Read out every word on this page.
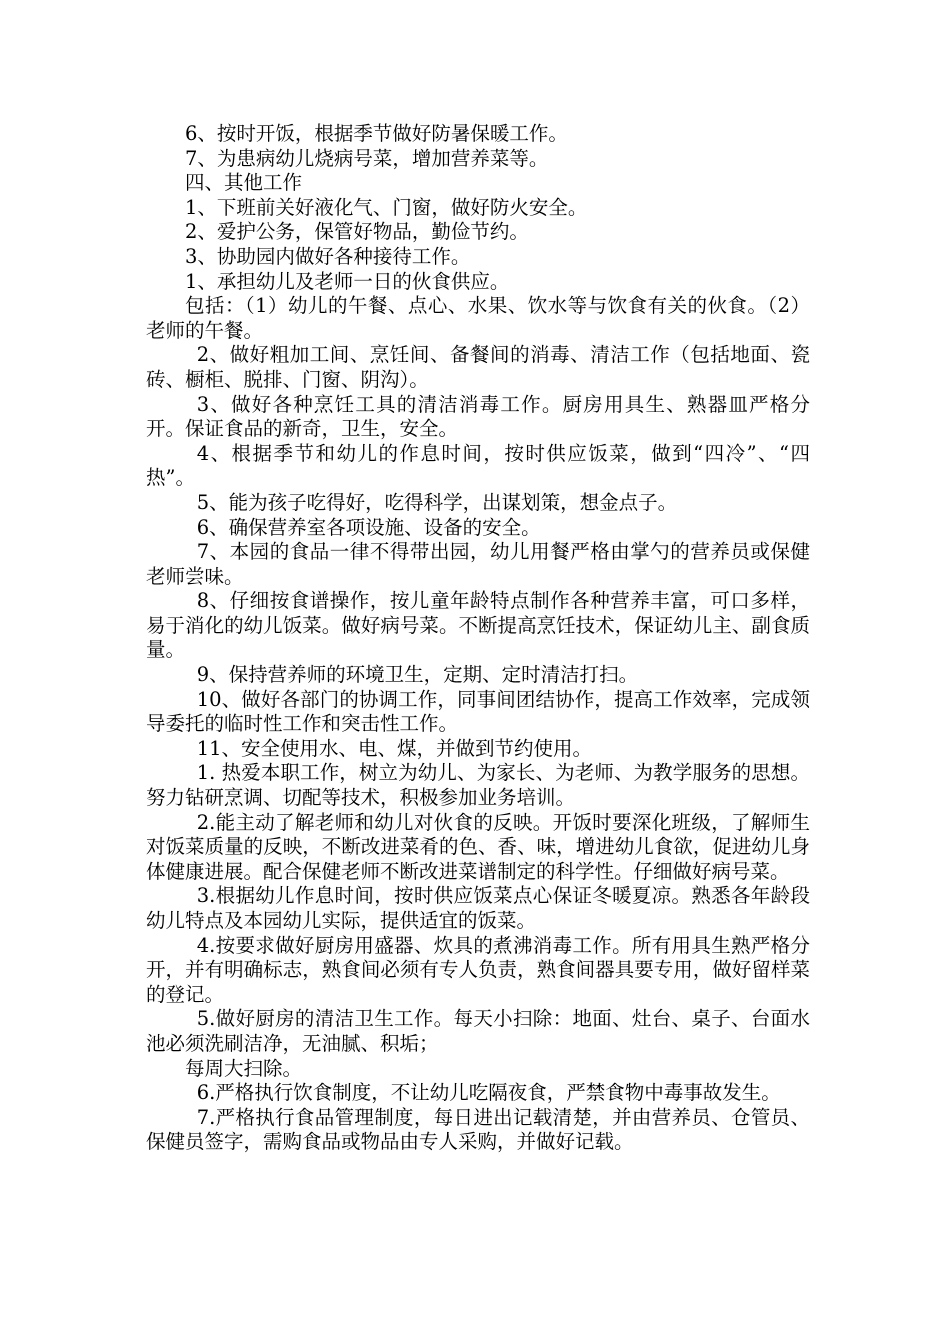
6、按时开饭，根据季节做好防暑保暖工作。

7、为患病幼儿烧病号菜，增加营养菜等。

四、其他工作

1、下班前关好液化气、门窗，做好防火安全。

2、爱护公务，保管好物品，勤俭节约。

3、协助园内做好各种接待工作。

1、承担幼儿及老师一日的伙食供应。

包括：（1）幼儿的午餐、点心、水果、饮水等与饮食有关的伙食。（2）老师的午餐。

2、做好粗加工间、烹饪间、备餐间的消毒、清洁工作（包括地面、瓷砖、橱柜、脱排、门窗、阴沟）。

3、做好各种烹饪工具的清洁消毒工作。厨房用具生、熟器皿严格分开。保证食品的新奇，卫生，安全。

4、根据季节和幼儿的作息时间，按时供应饭菜，做到“四冷”、“四热”。

5、能为孩子吃得好，吃得科学，出谋划策，想金点子。

6、确保营养室各项设施、设备的安全。

7、本园的食品一律不得带出园，幼儿用餐严格由掌勺的营养员或保健老师尝味。

8、仔细按食谱操作，按儿童年龄特点制作各种营养丰富，可口多样，易于消化的幼儿饭菜。做好病号菜。不断提高烹饪技术，保证幼儿主、副食质量。

9、保持营养师的环境卫生，定期、定时清洁打扫。

10、做好各部门的协调工作，同事间团结协作，提高工作效率，完成领导委托的临时性工作和突击性工作。

11、安全使用水、电、煤，并做到节约使用。

1. 热爱本职工作，树立为幼儿、为家长、为老师、为教学服务的思想。努力钻研烹调、切配等技术，积极参加业务培训。

2.能主动了解老师和幼儿对伙食的反映。开饭时要深化班级，了解师生对饭菜质量的反映，不断改进菜肴的色、香、味，增进幼儿食欲，促进幼儿身体健康进展。配合保健老师不断改进菜谱制定的科学性。仔细做好病号菜。

3.根据幼儿作息时间，按时供应饭菜点心保证冬暖夏凉。熟悉各年龄段幼儿特点及本园幼儿实际，提供适宜的饭菜。

4.按要求做好厨房用盛器、炊具的煮沸消毒工作。所有用具生熟严格分开，并有明确标志，熟食间必须有专人负责，熟食间器具要专用，做好留样菜的登记。

5.做好厨房的清洁卫生工作。每天小扫除：地面、灶台、桌子、台面水池必须洗刷洁净，无油腻、积垢；

每周大扫除。

6.严格执行饮食制度，不让幼儿吃隔夜食，严禁食物中毒事故发生。

7.严格执行食品管理制度，每日进出记载清楚，并由营养员、仓管员、保健员签字，需购食品或物品由专人采购，并做好记载。
